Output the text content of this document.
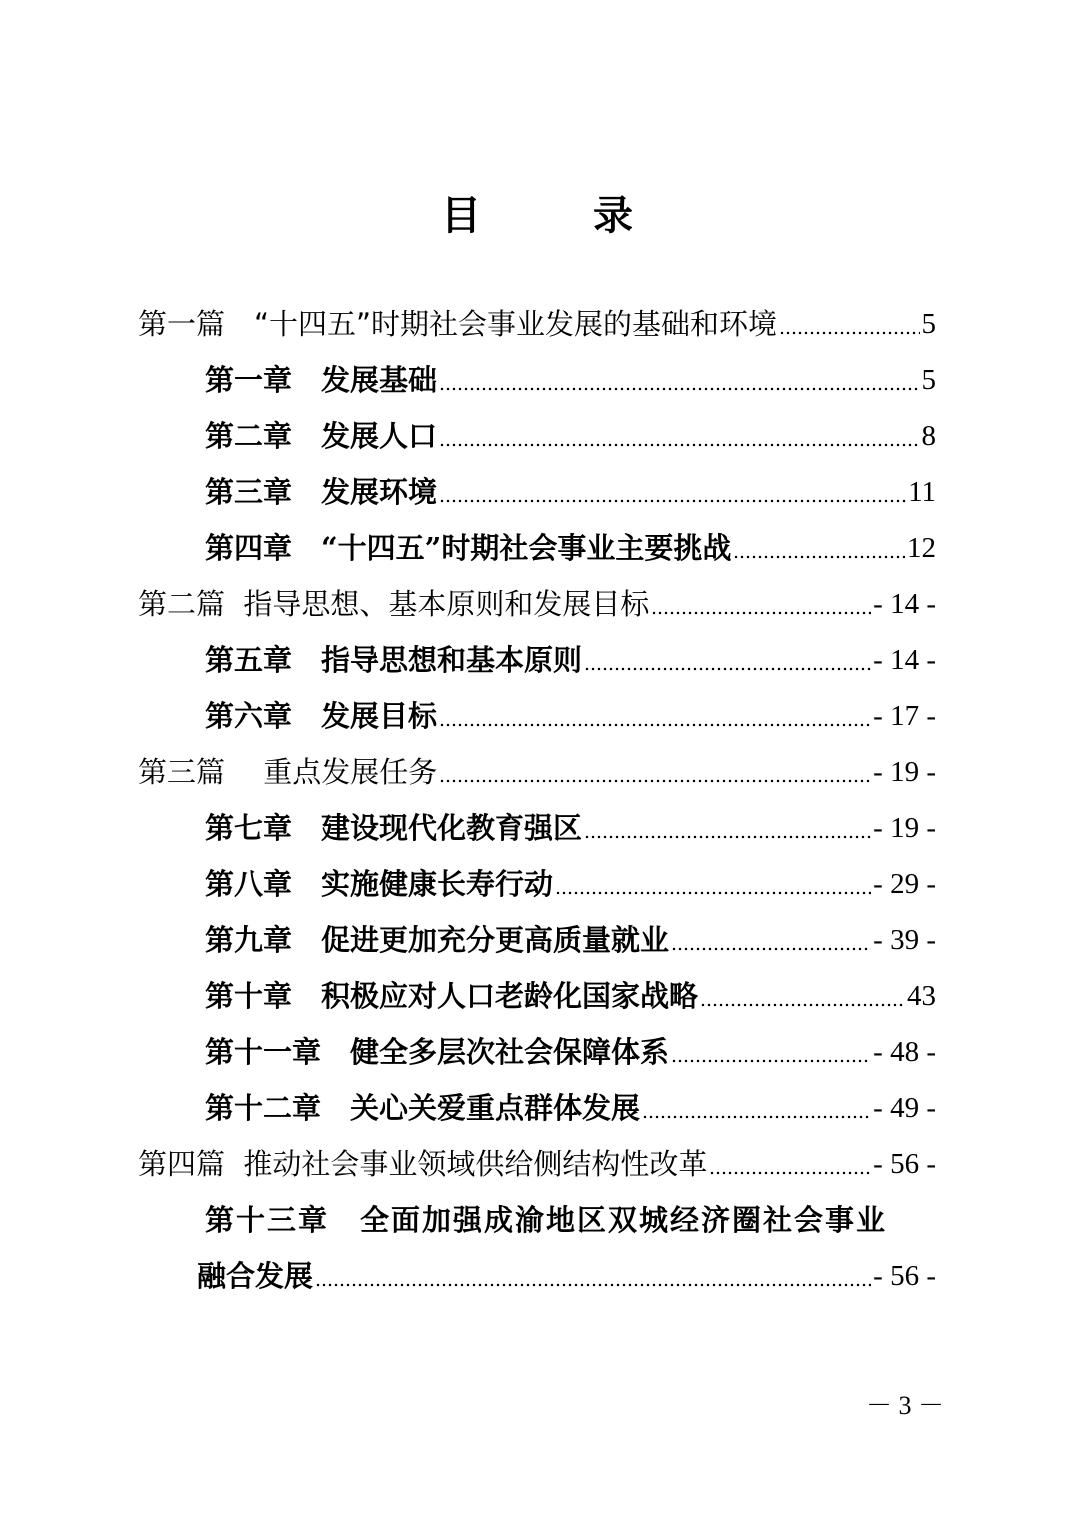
目　录
第一篇　“十四五”时期社会事业发展的基础和环境	5
第一章　发展基础	5
第二章　发展人口	8
第三章　发展环境	11
第四章　“十四五”时期社会事业主要挑战	12
第二篇  指导思想、基本原则和发展目标	- 14 -
第五章　指导思想和基本原则	- 14 -
第六章　发展目标	- 17 -
第三篇　 重点发展任务	- 19 -
第七章　建设现代化教育强区	- 19 -
第八章　实施健康长寿行动	- 29 -
第九章　促进更加充分更高质量就业	- 39 -
第十章　积极应对人口老龄化国家战略	43
第十一章　健全多层次社会保障体系	- 48 -
第十二章　关心关爱重点群体发展	- 49 -
第四篇  推动社会事业领域供给侧结构性改革	- 56 -
第十三章　全面加强成渝地区双城经济圈社会事业
融合发展	- 56 -
－ 3 －
